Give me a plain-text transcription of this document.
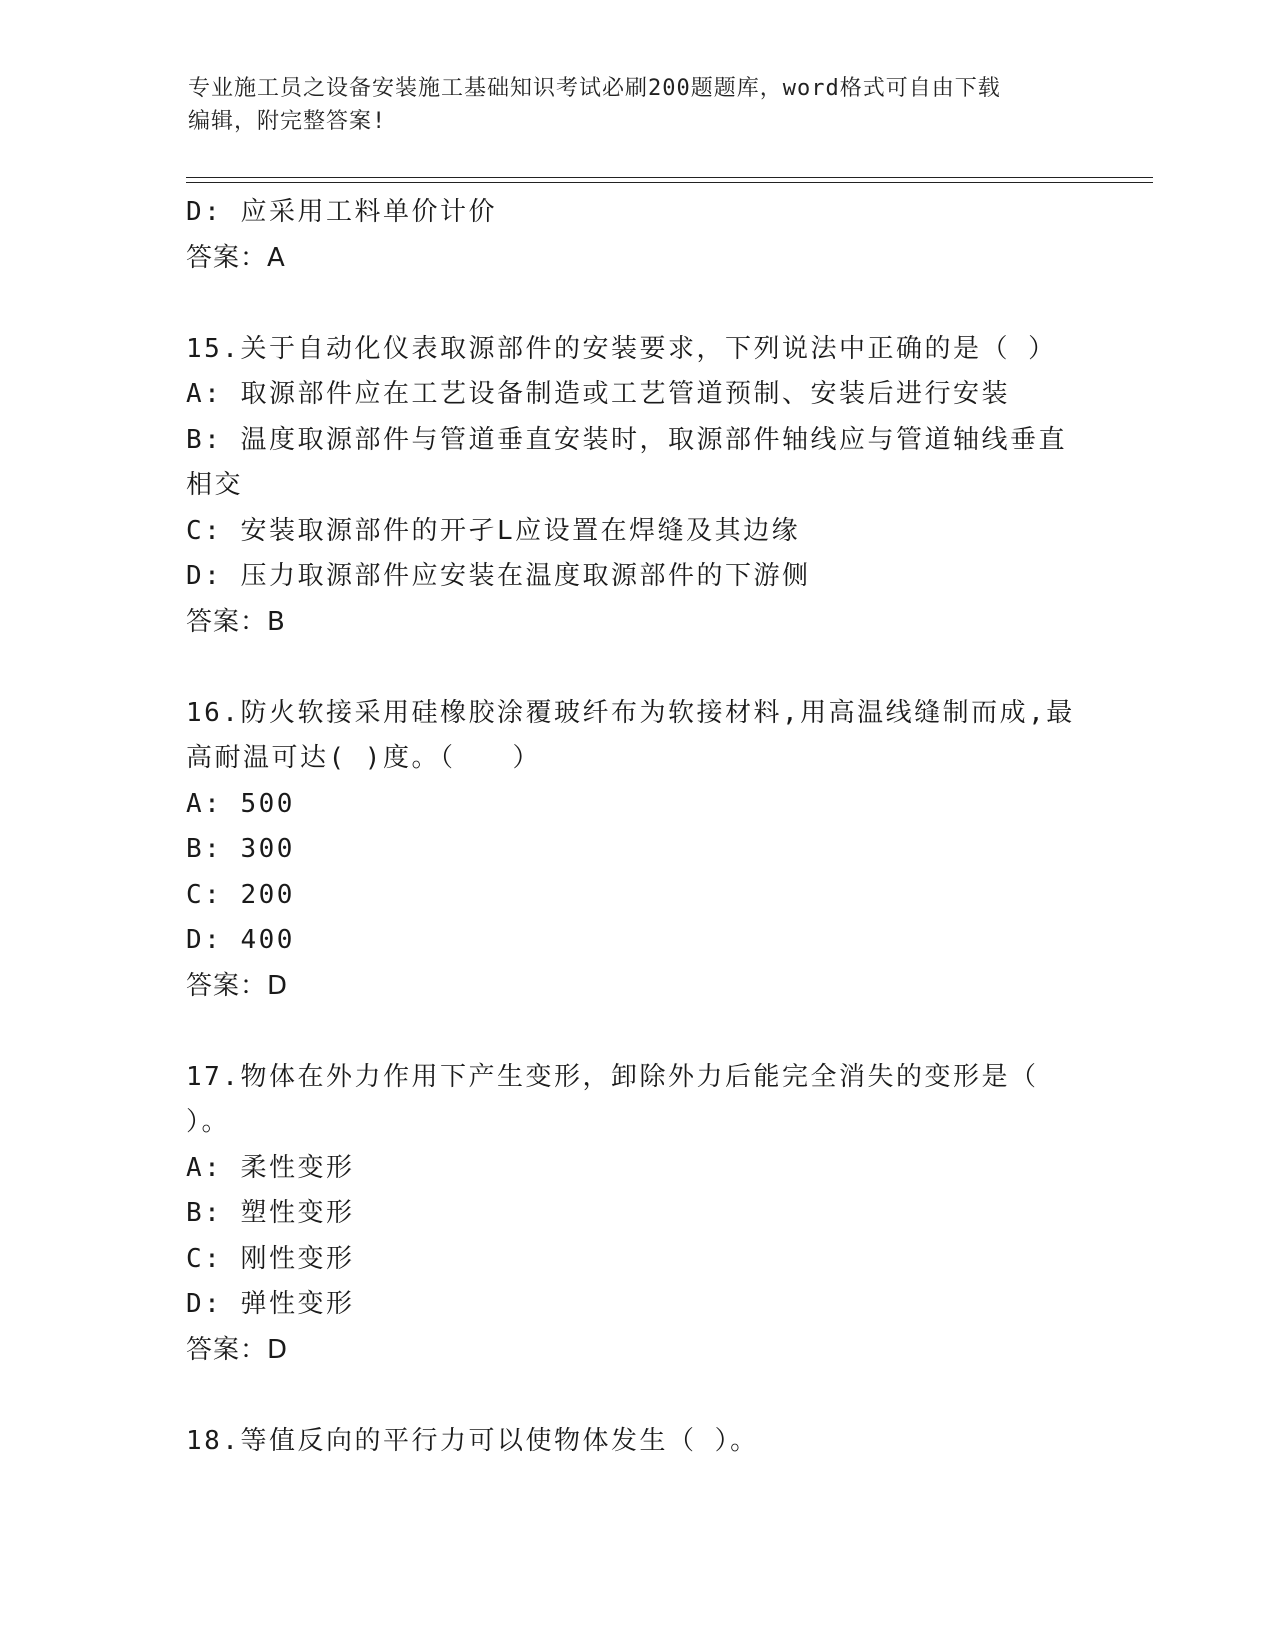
专业施工员之设备安装施工基础知识考试必刷200题题库，word格式可自由下载
编辑，附完整答案!
D: 应采用工料单价计价
答案：A
15.关于自动化仪表取源部件的安装要求，下列说法中正确的是（ ）
A: 取源部件应在工艺设备制造或工艺管道预制、安装后进行安装
B: 温度取源部件与管道垂直安装时，取源部件轴线应与管道轴线垂直
相交
C: 安装取源部件的开孑L应设置在焊缝及其边缘
D: 压力取源部件应安装在温度取源部件的下游侧
答案：B
16.防火软接采用硅橡胶涂覆玻纤布为软接材料,用高温线缝制而成,最
高耐温可达( )度。（　　）
A: 500
B: 300
C: 200
D: 400
答案：D
17.物体在外力作用下产生变形，卸除外力后能完全消失的变形是（
）。
A: 柔性变形
B: 塑性变形
C: 刚性变形
D: 弹性变形
答案：D
18.等值反向的平行力可以使物体发生（ ）。
